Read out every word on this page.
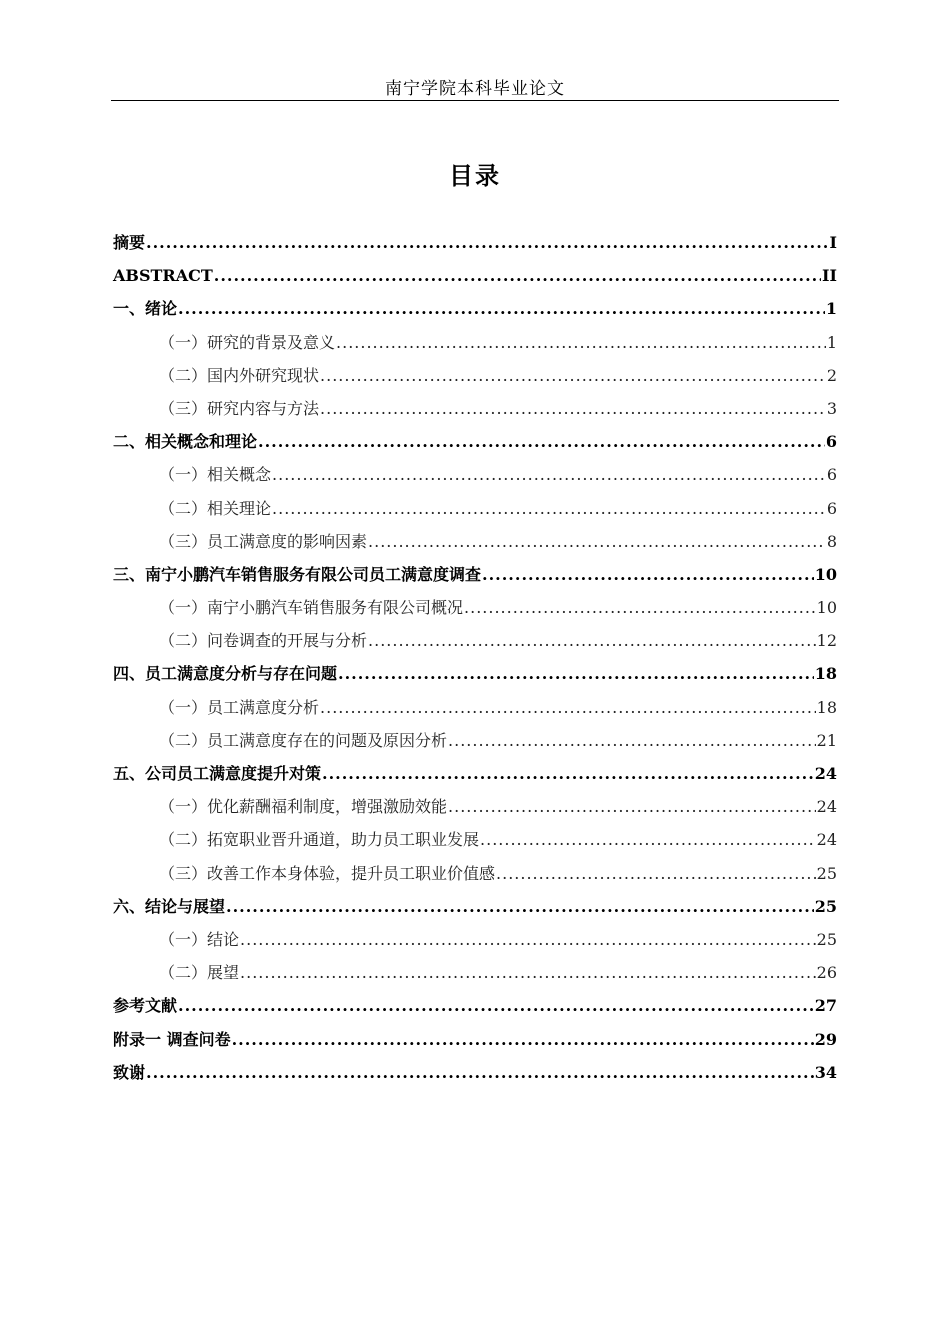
南宁学院本科毕业论文
目录
摘要 .....	I
ABSTRACT .....	II
一、绪论 .....	1
（一）研究的背景及意义 .....	1
（二）国内外研究现状 .....	2
（三）研究内容与方法 .....	3
二、相关概念和理论 .....	6
（一）相关概念 .....	6
（二）相关理论 .....	6
（三）员工满意度的影响因素 .....	8
三、南宁小鹏汽车销售服务有限公司员工满意度调查 .....	10
（一）南宁小鹏汽车销售服务有限公司概况 .....	10
（二）问卷调查的开展与分析 .....	12
四、员工满意度分析与存在问题 .....	18
（一）员工满意度分析 .....	18
（二）员工满意度存在的问题及原因分析 .....	21
五、公司员工满意度提升对策 .....	24
（一）优化薪酬福利制度，增强激励效能 .....	24
（二）拓宽职业晋升通道，助力员工职业发展 .....	24
（三）改善工作本身体验，提升员工职业价值感 .....	25
六、结论与展望 .....	25
（一）结论 .....	25
（二）展望 .....	26
参考文献 .....	27
附录一 调查问卷 .....	29
致谢 .....	34
